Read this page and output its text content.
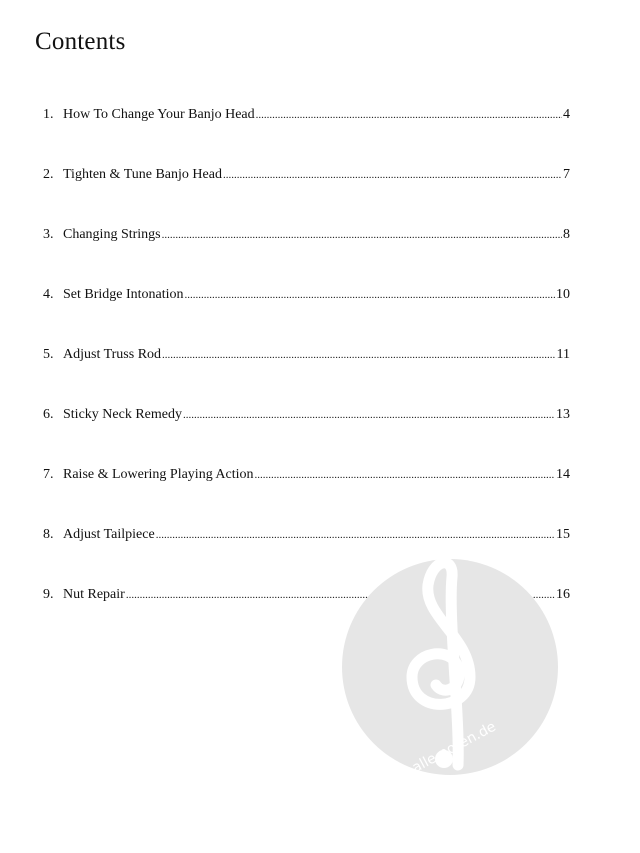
Contents
1. How To Change Your Banjo Head .....	4
2. Tighten & Tune Banjo Head .....	7
3. Changing Strings .....	8
4. Set Bridge Intonation .....	10
5. Adjust Truss Rod .....	11
6. Sticky Neck Remedy .....	13
7. Raise & Lowering Playing Action .....	14
8. Adjust Tailpiece .....	15
9. Nut Repair .....	16
alle-noten.de
